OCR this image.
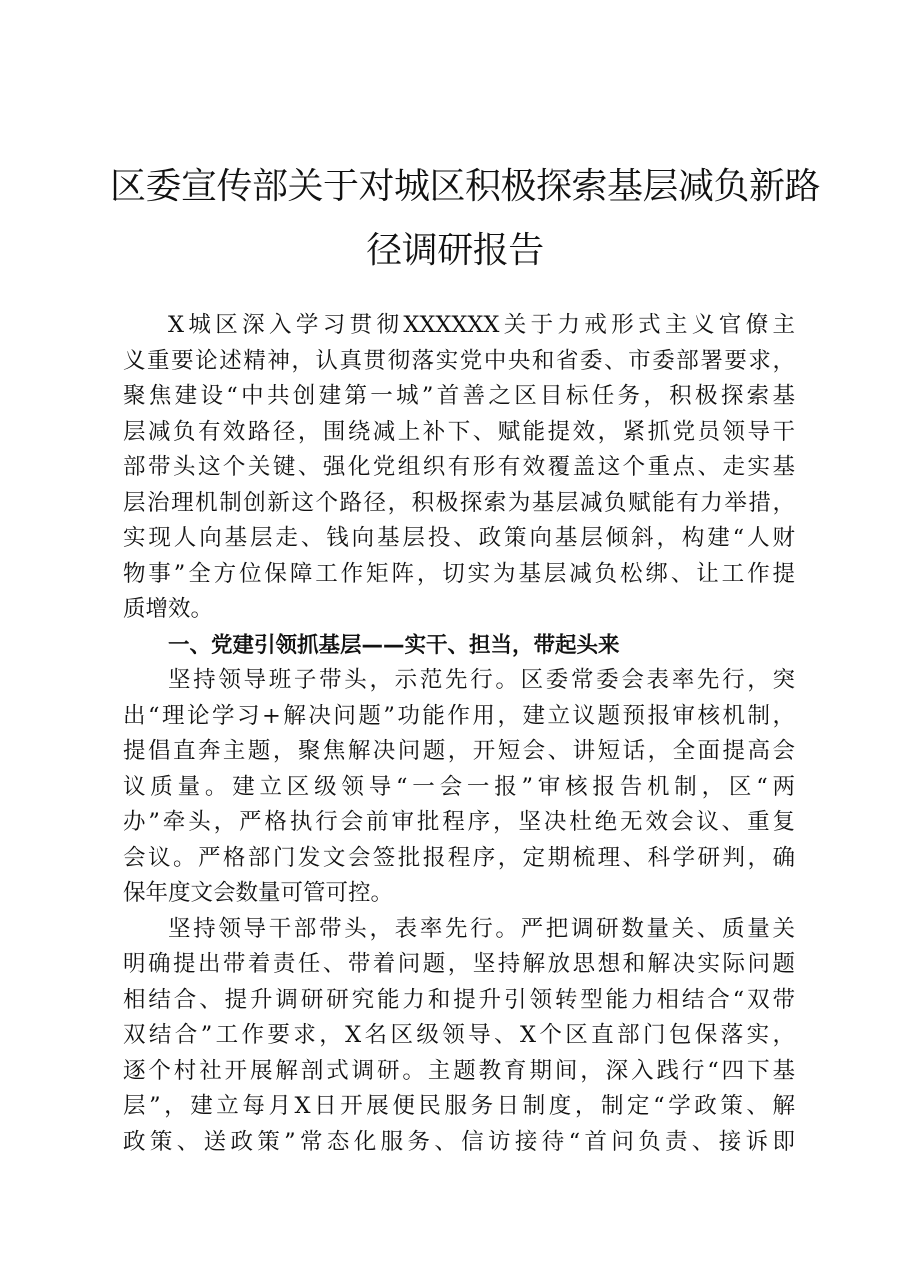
区委宣传部关于对城区积极探索基层减负新路
径调研报告
X城区深入学习贯彻XXXXXX关于力戒形式主义官僚主
义重要论述精神，认真贯彻落实党中央和省委、市委部署要求，
聚焦建设“中共创建第一城”首善之区目标任务，积极探索基
层减负有效路径，围绕减上补下、赋能提效，紧抓党员领导干
部带头这个关键、强化党组织有形有效覆盖这个重点、走实基
层治理机制创新这个路径，积极探索为基层减负赋能有力举措，
实现人向基层走、钱向基层投、政策向基层倾斜，构建“人财
物事”全方位保障工作矩阵，切实为基层减负松绑、让工作提
质增效。
一、党建引领抓基层——实干、担当，带起头来
坚持领导班子带头，示范先行。区委常委会表率先行，突
出“理论学习+解决问题”功能作用，建立议题预报审核机制，
提倡直奔主题，聚焦解决问题，开短会、讲短话，全面提高会
议质量。建立区级领导“一会一报”审核报告机制，区“两
办”牵头，严格执行会前审批程序，坚决杜绝无效会议、重复
会议。严格部门发文会签批报程序，定期梳理、科学研判，确
保年度文会数量可管可控。
坚持领导干部带头，表率先行。严把调研数量关、质量关
明确提出带着责任、带着问题，坚持解放思想和解决实际问题
相结合、提升调研研究能力和提升引领转型能力相结合“双带
双结合”工作要求，X名区级领导、X个区直部门包保落实，
逐个村社开展解剖式调研。主题教育期间，深入践行“四下基
层”，建立每月X日开展便民服务日制度，制定“学政策、解
政策、送政策”常态化服务、信访接待“首问负责、接诉即
